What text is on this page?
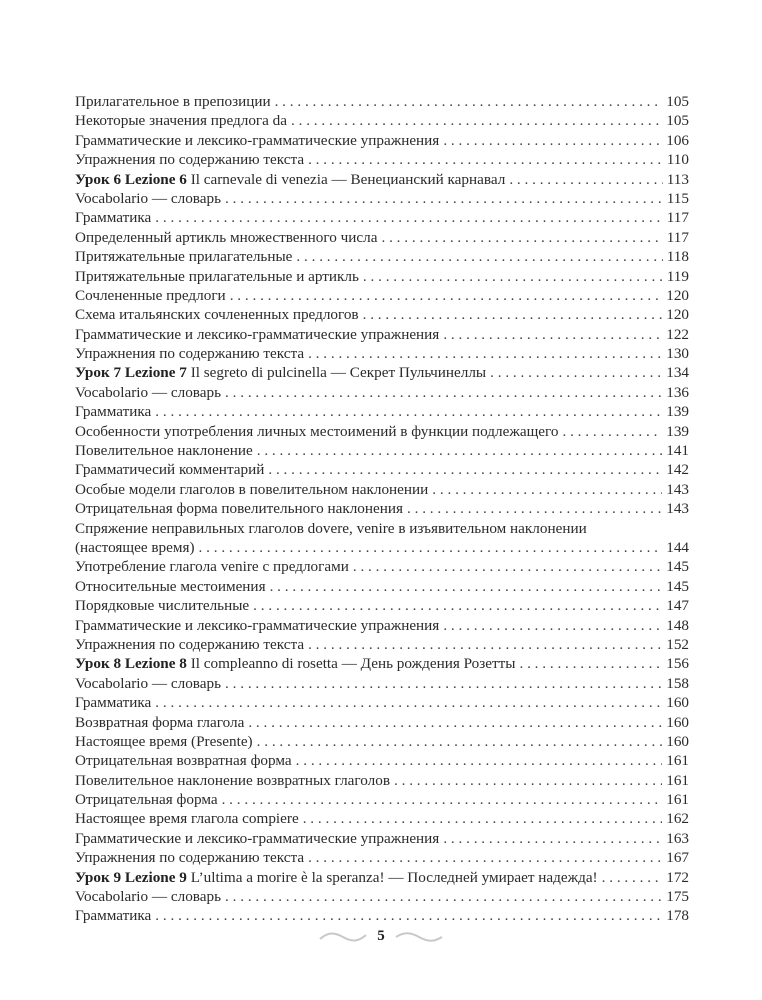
Прилагательное в препозиции . . .	105
Некоторые значения предлога da . . .	105
Грамматические и лексико-грамматические упражнения . . .	106
Упражнения по содержанию текста . . .	110
Урок 6 Lezione 6 Il carnevale di venezia — Венецианский карнавал . . .	113
Vocabolario — словарь . . .	115
Грамматика . . .	117
Определенный артикль множественного числа . . .	117
Притяжательные прилагательные . . .	118
Притяжательные прилагательные и артикль . . .	119
Сочлененные предлоги . . .	120
Схема итальянских сочлененных предлогов . . .	120
Грамматические и лексико-грамматические упражнения . . .	122
Упражнения по содержанию текста . . .	130
Урок 7 Lezione 7 Il segreto di pulcinella — Секрет Пульчинеллы . . .	134
Vocabolario — словарь . . .	136
Грамматика . . .	139
Особенности употребления личных местоимений в функции подлежащего . . .	139
Повелительное наклонение . . .	141
Грамматичесий комментарий . . .	142
Особые модели глаголов в повелительном наклонении . . .	143
Отрицательная форма повелительного наклонения . . .	143
Спряжение неправильных глаголов dovere, venire в изъявительном наклонении
(настоящее время) . . .	144
Употребление глагола venire с предлогами . . .	145
Относительные местоимения . . .	145
Порядковые числительные . . .	147
Грамматические и лексико-грамматические упражнения . . .	148
Упражнения по содержанию текста . . .	152
Урок 8 Lezione 8 Il compleanno di rosetta — День рождения Розетты . . .	156
Vocabolario — словарь . . .	158
Грамматика . . .	160
Возвратная форма глагола . . .	160
Настоящее время (Presente) . . .	160
Отрицательная возвратная форма . . .	161
Повелительное наклонение возвратных глаголов . . .	161
Отрицательная форма . . .	161
Настоящее время глагола compiere . . .	162
Грамматические и лексико-грамматические упражнения . . .	163
Упражнения по содержанию текста . . .	167
Урок 9 Lezione 9 L’ultima a morire è la speranza! — Последней умирает надежда! . . .	172
Vocabolario — словарь . . .	175
Грамматика . . .	178
5
